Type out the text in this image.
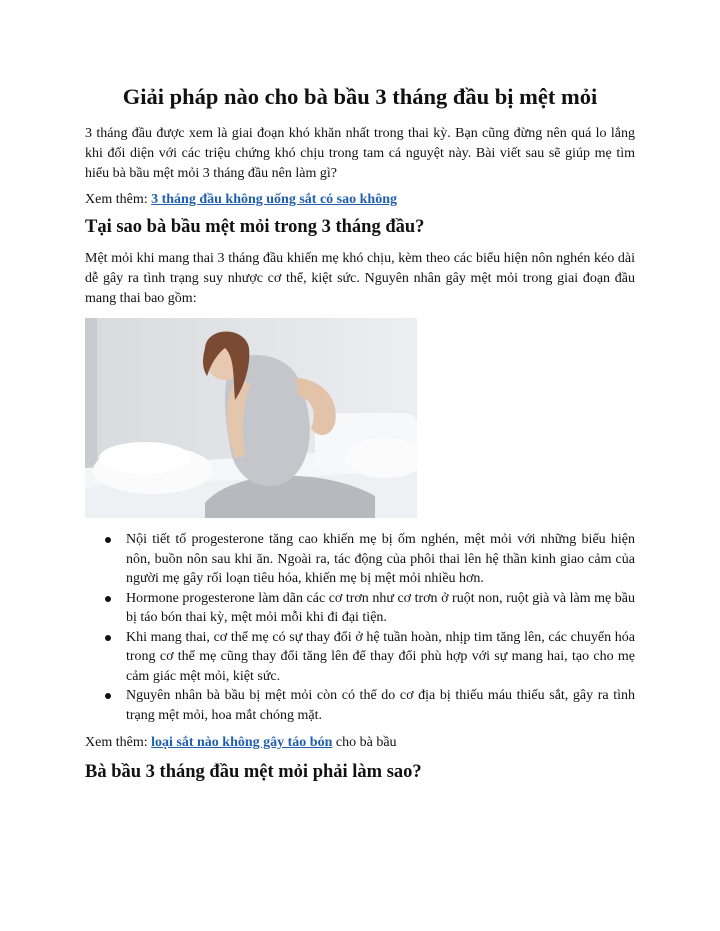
Giải pháp nào cho bà bầu 3 tháng đầu bị mệt mỏi

3 tháng đầu được xem là giai đoạn khó khăn nhất trong thai kỳ. Bạn cũng đừng nên quá lo lắng khi đối diện với các triệu chứng khó chịu trong tam cá nguyệt này. Bài viết sau sẽ giúp mẹ tìm hiểu bà bầu mệt mỏi 3 tháng đầu nên làm gì?

Xem thêm: 3 tháng đầu không uống sắt có sao không

Tại sao bà bầu mệt mỏi trong 3 tháng đầu?

Mệt mỏi khi mang thai 3 tháng đầu khiến mẹ khó chịu, kèm theo các biểu hiện nôn nghén kéo dài dễ gây ra tình trạng suy nhược cơ thể, kiệt sức. Nguyên nhân gây mệt mỏi trong giai đoạn đầu mang thai bao gồm:

Nội tiết tố progesterone tăng cao khiến mẹ bị ốm nghén, mệt mỏi với những biểu hiện nôn, buồn nôn sau khi ăn. Ngoài ra, tác động của phôi thai lên hệ thần kinh giao cảm của người mẹ gây rối loạn tiêu hóa, khiến mẹ bị mệt mỏi nhiều hơn.
Hormone progesterone làm dãn các cơ trơn như cơ trơn ở ruột non, ruột già và làm mẹ bầu bị táo bón thai kỳ, mệt mỏi mỗi khi đi đại tiện.
Khi mang thai, cơ thể mẹ có sự thay đổi ở hệ tuần hoàn, nhịp tim tăng lên, các chuyển hóa trong cơ thể mẹ cũng thay đổi tăng lên để thay đổi phù hợp với sự mang hai, tạo cho mẹ cảm giác mệt mỏi, kiệt sức.
Nguyên nhân bà bầu bị mệt mỏi còn có thể do cơ địa bị thiếu máu thiếu sắt, gây ra tình trạng mệt mỏi, hoa mắt chóng mặt.

Xem thêm: loại sắt nào không gây táo bón cho bà bầu

Bà bầu 3 tháng đầu mệt mỏi phải làm sao?
